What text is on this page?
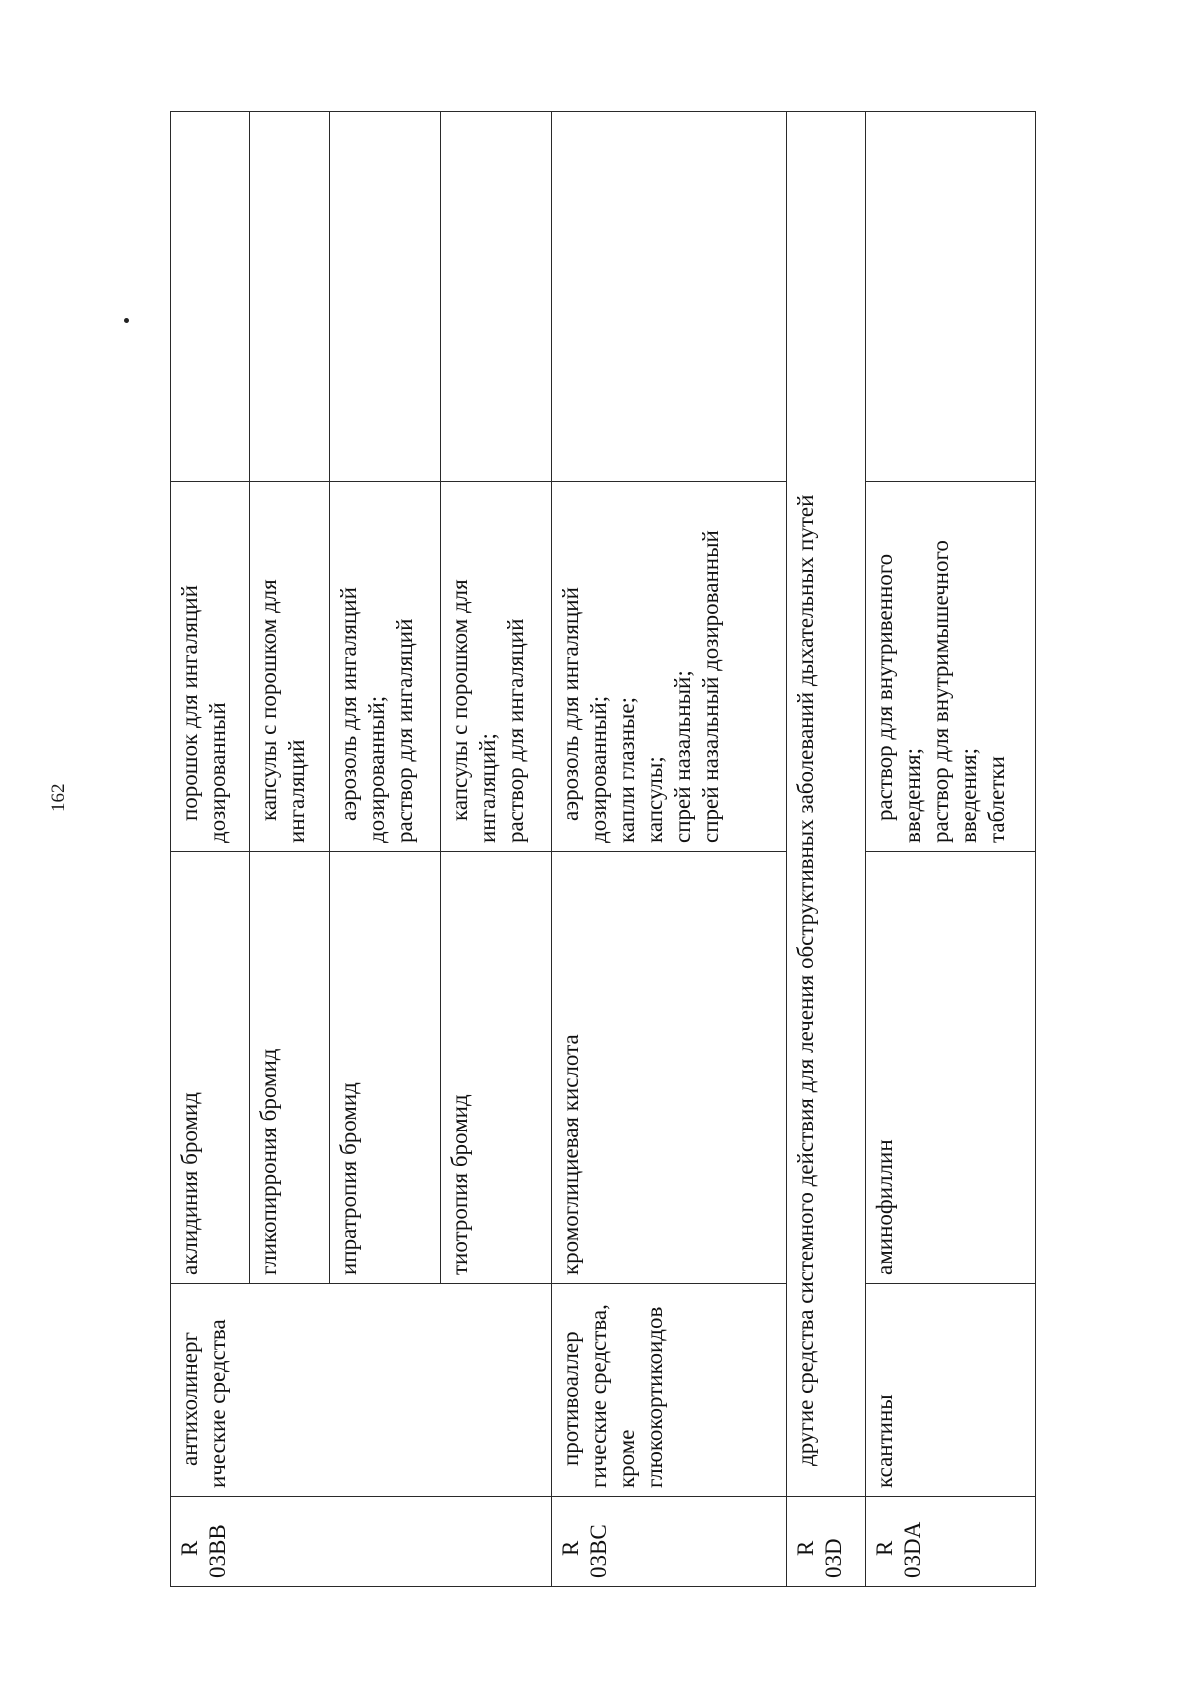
162
R 03BB	антихолинерг ические средства	аклидиния бромид	порошок для ингаляций дозированный	

		гликопиррония бромид	капсулы с порошком для ингаляций	

		ипратропия бромид	аэрозоль для ингаляций дозированный;
раствор для ингаляций	

		тиотропия бромид	капсулы с порошком для ингаляций;
раствор для ингаляций	

R 03BC	противоаллер гические средства, кроме глюкокортикоидов	кромоглициевая кислота	аэрозоль для ингаляций дозированный;
капли глазные;
капсулы;
спрей назальный;
спрей назальный дозированный	

R 03D	другие средства системного действия для лечения обструктивных заболеваний дыхательных путей			

R 03DA	ксантины	аминофиллин	раствор для внутривенного введения;
раствор для внутримышечного введения;
таблетки	
